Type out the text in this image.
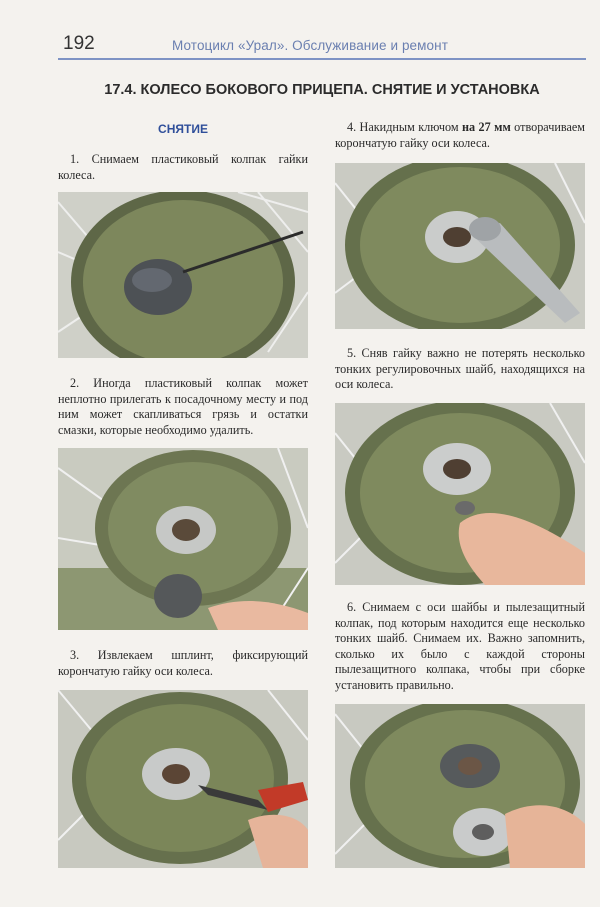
192	Мотоцикл «Урал». Обслуживание и ремонт
17.4. КОЛЕСО БОКОВОГО ПРИЦЕПА. СНЯТИЕ И УСТАНОВКА
СНЯТИЕ
1. Снимаем пластиковый колпак гайки колеса.
2. Иногда пластиковый колпак может неплотно прилегать к посадочному месту и под ним может скапливаться грязь и остатки смазки, которые необходимо удалить.
3. Извлекаем шплинт, фиксирующий корончатую гайку оси колеса.
4. Накидным ключом на 27 мм отворачиваем корончатую гайку оси колеса.
5. Сняв гайку важно не потерять несколько тонких регулировочных шайб, находящихся на оси колеса.
6. Снимаем с оси шайбы и пылезащитный колпак, под которым находится еще несколько тонких шайб. Снимаем их. Важно запомнить, сколько их было с каждой стороны пылезащитного колпака, чтобы при сборке установить правильно.
